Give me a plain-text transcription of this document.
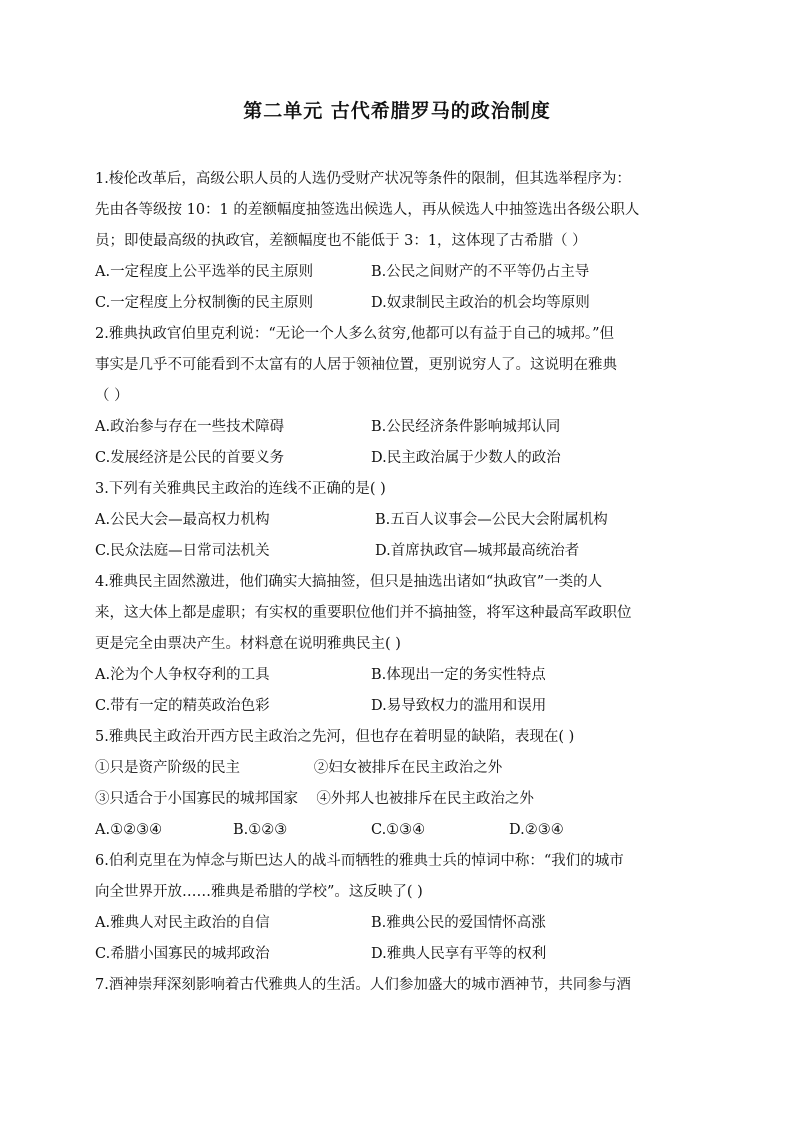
第二单元 古代希腊罗马的政治制度
1.梭伦改革后，高级公职人员的人选仍受财产状况等条件的限制，但其选举程序为：
先由各等级按 10：1 的差额幅度抽签选出候选人，再从候选人中抽签选出各级公职人
员；即使最高级的执政官，差额幅度也不能低于 3：1，这体现了古希腊（ ）
A.一定程度上公平选举的民主原则	B.公民之间财产的不平等仍占主导
C.一定程度上分权制衡的民主原则	D.奴隶制民主政治的机会均等原则
2.雅典执政官伯里克利说：“无论一个人多么贫穷,他都可以有益于自己的城邦。”但
事实是几乎不可能看到不太富有的人居于领袖位置，更别说穷人了。这说明在雅典
（ ）
A.政治参与存在一些技术障碍	B.公民经济条件影响城邦认同
C.发展经济是公民的首要义务	D.民主政治属于少数人的政治
3.下列有关雅典民主政治的连线不正确的是( )
A.公民大会—最高权力机构	B.五百人议事会—公民大会附属机构
C.民众法庭—日常司法机关	D.首席执政官—城邦最高统治者
4.雅典民主固然激进，他们确实大搞抽签，但只是抽选出诸如“执政官”一类的人
来，这大体上都是虚职；有实权的重要职位他们并不搞抽签，将军这种最高军政职位
更是完全由票决产生。材料意在说明雅典民主( )
A.沦为个人争权夺利的工具	B.体现出一定的务实性特点
C.带有一定的精英政治色彩	D.易导致权力的滥用和误用
5.雅典民主政治开西方民主政治之先河，但也存在着明显的缺陷，表现在( )
①只是资产阶级的民主                ②妇女被排斥在民主政治之外
③只适合于小国寡民的城邦国家    ④外邦人也被排斥在民主政治之外
A.①②③④	B.①②③	C.①③④	D.②③④
6.伯利克里在为悼念与斯巴达人的战斗而牺牲的雅典士兵的悼词中称：“我们的城市
向全世界开放……雅典是希腊的学校”。这反映了( )
A.雅典人对民主政治的自信	B.雅典公民的爱国情怀高涨
C.希腊小国寡民的城邦政治	D.雅典人民享有平等的权利
7.酒神崇拜深刻影响着古代雅典人的生活。人们参加盛大的城市酒神节，共同参与酒
